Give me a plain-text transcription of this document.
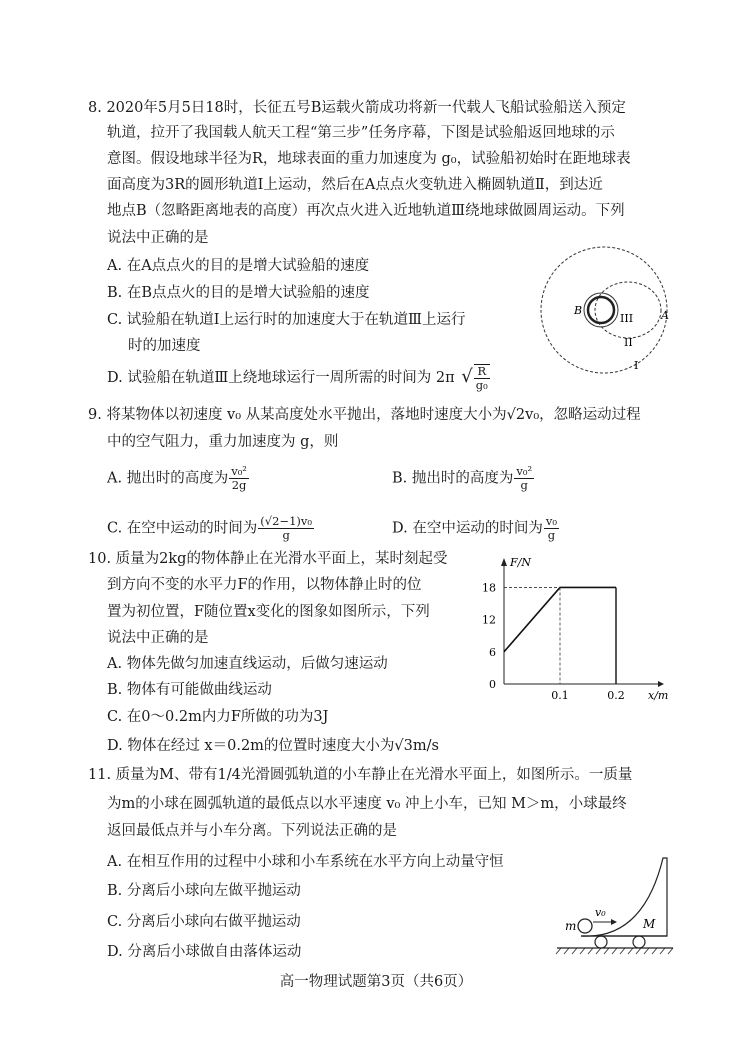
8. 2020年5月5日18时，长征五号B运载火箭成功将新一代载人飞船试验船送入预定
轨道，拉开了我国载人航天工程“第三步”任务序幕，下图是试验船返回地球的示
意图。假设地球半径为R，地球表面的重力加速度为 g₀，试验船初始时在距地球表
面高度为3R的圆形轨道Ⅰ上运动，然后在A点点火变轨进入椭圆轨道Ⅱ，到达近
地点B（忽略距离地表的高度）再次点火进入近地轨道Ⅲ绕地球做圆周运动。下列
说法中正确的是
A. 在A点点火的目的是增大试验船的速度
B. 在B点点火的目的是增大试验船的速度
C. 试验船在轨道Ⅰ上运行时的加速度大于在轨道Ⅲ上运行
时的加速度
D. 试验船在轨道Ⅲ上绕地球运行一周所需的时间为 2π √ $\frac{R}{\text{g₀}}$
B
III	A
II
I
9. 将某物体以初速度 v₀ 从某高度处水平抛出，落地时速度大小为√2v₀，忽略运动过程
中的空气阻力，重力加速度为 g，则
A. 抛出时的高度为 $\frac{\text{v₀²}}{2g}$	B. 抛出时的高度为 $\frac{\text{v₀²}}{g}$
C. 在空中运动的时间为 $\frac{\text{(√2−1)v₀}}{g}$	D. 在空中运动的时间为 $\frac{\text{v₀}}{g}$
10. 质量为2kg的物体静止在光滑水平面上，某时刻起受
到方向不变的水平力F的作用，以物体静止时的位
置为初位置，F随位置x变化的图象如图所示，下列
说法中正确的是
A. 物体先做匀加速直线运动，后做匀速运动
B. 物体有可能做曲线运动
C. 在0～0.2m内力F所做的功为3J
D. 物体在经过 x＝0.2m的位置时速度大小为√3m/s
0
6
12
18
0.1	0.2
F/N
x/m
11. 质量为M、带有1/4光滑圆弧轨道的小车静止在光滑水平面上，如图所示。一质量
为m的小球在圆弧轨道的最低点以水平速度 v₀ 冲上小车，已知 M＞m，小球最终
返回最低点并与小车分离。下列说法正确的是
A. 在相互作用的过程中小球和小车系统在水平方向上动量守恒
B. 分离后小球向左做平抛运动
C. 分离后小球向右做平抛运动
D. 分离后小球做自由落体运动
m
v₀
M
高一物理试题第3页（共6页）
